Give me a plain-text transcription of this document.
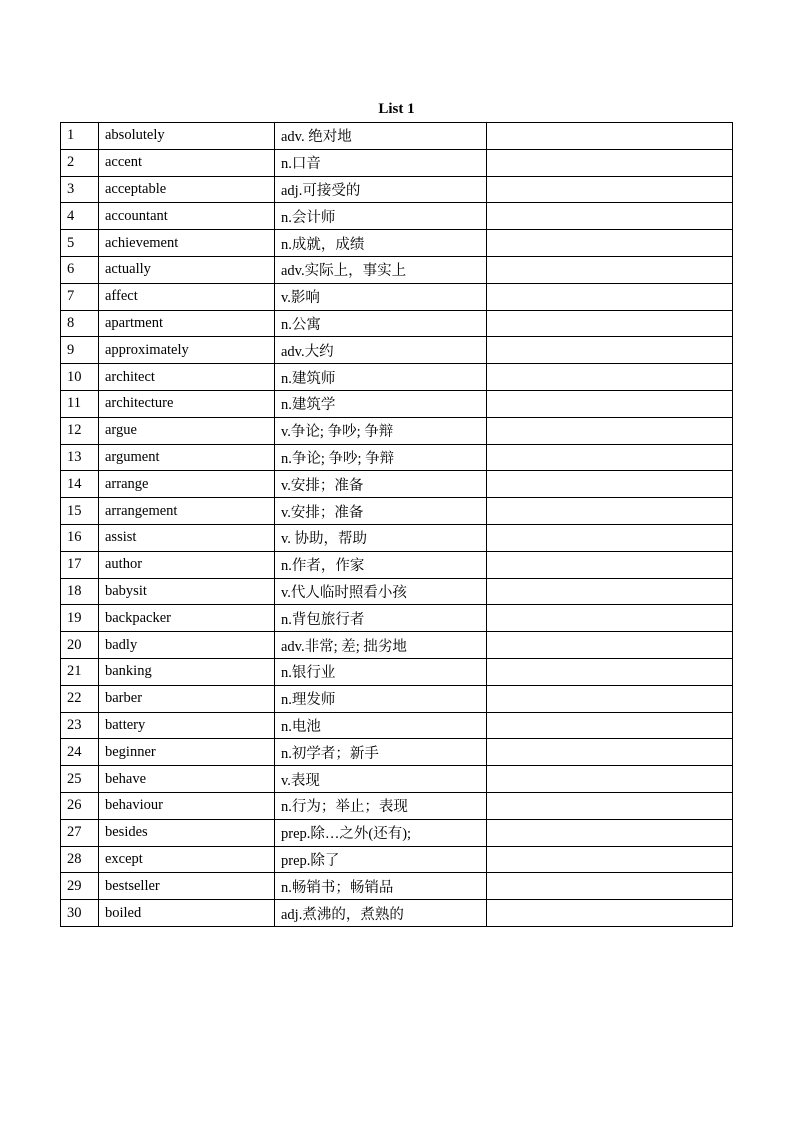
List 1
1	absolutely	adv. 绝对地	
2	accent	n.口音	
3	acceptable	adj.可接受的	
4	accountant	n.会计师	
5	achievement	n.成就，成绩	
6	actually	adv.实际上，事实上	
7	affect	v.影响	
8	apartment	n.公寓	
9	approximately	adv.大约	
10	architect	n.建筑师	
11	architecture	n.建筑学	
12	argue	v.争论; 争吵; 争辩	
13	argument	n.争论; 争吵; 争辩	
14	arrange	v.安排；准备	
15	arrangement	v.安排；准备	
16	assist	v. 协助，帮助	
17	author	n.作者，作家	
18	babysit	v.代人临时照看小孩	
19	backpacker	n.背包旅行者	
20	badly	adv.非常; 差; 拙劣地	
21	banking	n.银行业	
22	barber	n.理发师	
23	battery	n.电池	
24	beginner	n.初学者；新手	
25	behave	v.表现	
26	behaviour	n.行为；举止；表现	
27	besides	prep.除…之外(还有);	
28	except	prep.除了	
29	bestseller	n.畅销书；畅销品	
30	boiled	adj.煮沸的，煮熟的	
